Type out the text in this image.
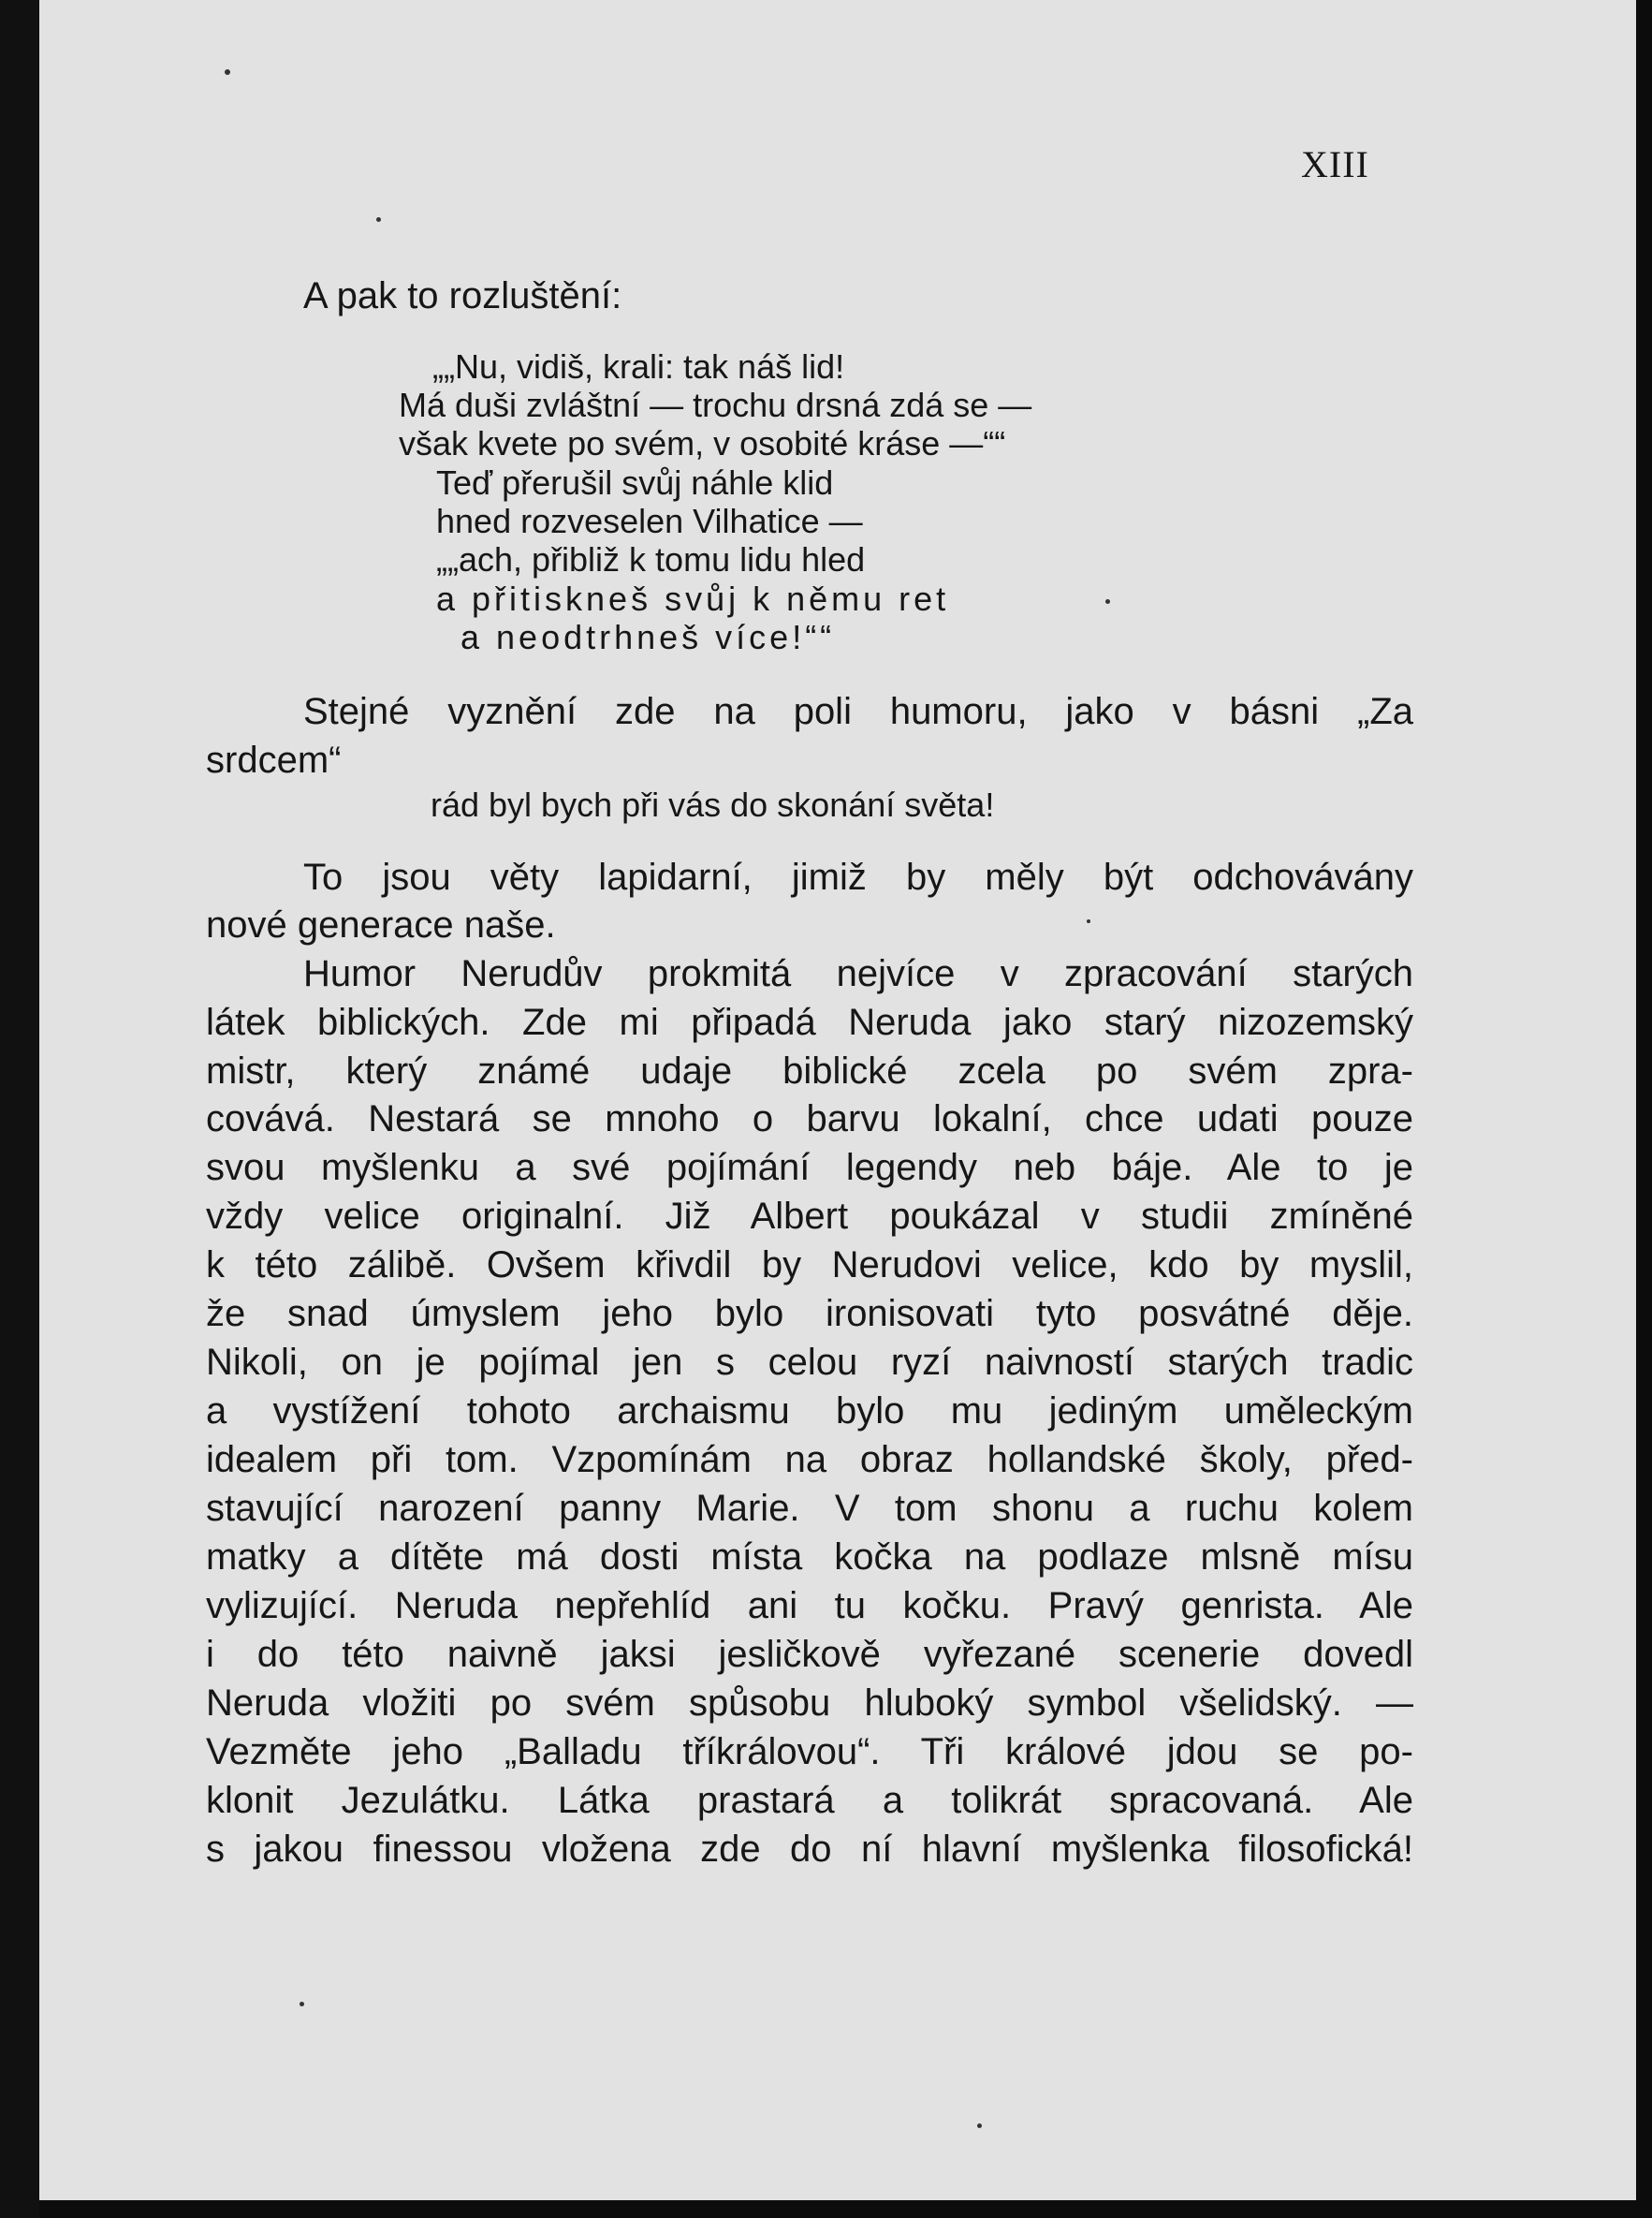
XIII
A pak to rozluštění:
„„Nu, vidiš, krali: tak náš lid!
Má duši zvláštní — trochu drsná zdá se —
však kvete po svém, v osobité kráse —““
Teď přerušil svůj náhle klid
hned rozveselen Vilhatice —
„„ach, přibliž k tomu lidu hled
a přitiskneš svůj k němu ret
a neodtrhneš více!““
Stejné vyznění zde na poli humoru, jako v básni „Za
srdcem“
rád byl bych při vás do skonání světa!
To jsou věty lapidarní, jimiž by měly být odchovávány
nové generace naše.
Humor Nerudův prokmitá nejvíce v zpracování starých
látek biblických. Zde mi připadá Neruda jako starý nizozemský
mistr, který známé udaje biblické zcela po svém zpra-
covává. Nestará se mnoho o barvu lokalní, chce udati pouze
svou myšlenku a své pojímání legendy neb báje. Ale to je
vždy velice originalní. Již Albert poukázal v studii zmíněné
k této zálibě. Ovšem křivdil by Nerudovi velice, kdo by myslil,
že snad úmyslem jeho bylo ironisovati tyto posvátné děje.
Nikoli, on je pojímal jen s celou ryzí naivností starých tradic
a vystížení tohoto archaismu bylo mu jediným uměleckým
idealem při tom. Vzpomínám na obraz hollandské školy, před-
stavující narození panny Marie. V tom shonu a ruchu kolem
matky a dítěte má dosti místa kočka na podlaze mlsně mísu
vylizující. Neruda nepřehlíd ani tu kočku. Pravý genrista. Ale
i do této naivně jaksi jesličkově vyřezané scenerie dovedl
Neruda vložiti po svém spůsobu hluboký symbol všelidský. —
Vezměte jeho „Balladu tříkrálovou“. Tři králové jdou se po-
klonit Jezulátku. Látka prastará a tolikrát spracovaná. Ale
s jakou finessou vložena zde do ní hlavní myšlenka filosofická!
